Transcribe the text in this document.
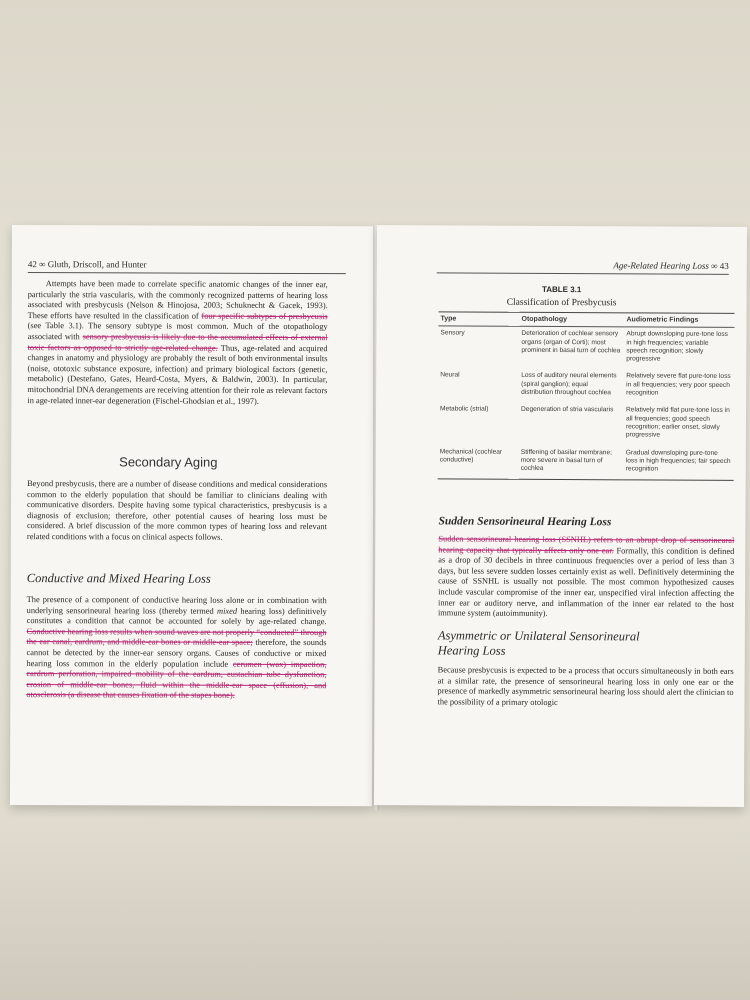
42 ∞ Gluth, Driscoll, and Hunter
Attempts have been made to correlate specific anatomic changes of the inner ear, particularly the stria vascularis, with the commonly recognized patterns of hearing loss associated with presbycusis (Nelson & Hinojosa, 2003; Schuknecht & Gacek, 1993). These efforts have resulted in the classification of four specific subtypes of presbycusis (see Table 3.1). The sensory subtype is most common. Much of the otopathology associated with sensory presbycusis is likely due to the accumulated effects of external toxic factors as opposed to strictly age-related change. Thus, age-related and acquired changes in anatomy and physiology are probably the result of both environmental insults (noise, ototoxic substance exposure, infection) and primary biological factors (genetic, metabolic) (Destefano, Gates, Heard-Costa, Myers, & Baldwin, 2003). In particular, mitochondrial DNA derangements are receiving attention for their role as relevant factors in age-related inner-ear degeneration (Fischel-Ghodsian et al., 1997).
Secondary Aging
Beyond presbycusis, there are a number of disease conditions and medical considerations common to the elderly population that should be familiar to clinicians dealing with communicative disorders. Despite having some typical characteristics, presbycusis is a diagnosis of exclusion; therefore, other potential causes of hearing loss must be considered. A brief discussion of the more common types of hearing loss and relevant related conditions with a focus on clinical aspects follows.
Conductive and Mixed Hearing Loss
The presence of a component of conductive hearing loss alone or in combination with underlying sensorineural hearing loss (thereby termed mixed hearing loss) definitively constitutes a condition that cannot be accounted for solely by age-related change. Conductive hearing loss results when sound waves are not properly “conducted” through the ear canal, eardrum, and middle-ear bones or middle-ear space; therefore, the sounds cannot be detected by the inner-ear sensory organs. Causes of conductive or mixed hearing loss common in the elderly population include cerumen (wax) impaction, eardrum perforation, impaired mobility of the eardrum, eustachian tube dysfunction, erosion of middle-ear bones, fluid within the middle-ear space (effusion), and otosclerosis (a disease that causes fixation of the stapes bone).
Age-Related Hearing Loss ∞ 43
TABLE 3.1
Classification of Presbycusis
Type	Otopathology	Audiometric Findings
Sensory	Deterioration of cochlear sensory organs (organ of Corti); most prominent in basal turn of cochlea	Abrupt downsloping pure-tone loss in high frequencies; variable speech recognition; slowly progressive
Neural	Loss of auditory neural elements (spiral ganglion); equal distribution throughout cochlea	Relatively severe flat pure-tone loss in all frequencies; very poor speech recognition
Metabolic (strial)	Degeneration of stria vascularis	Relatively mild flat pure-tone loss in all frequencies; good speech recognition; earlier onset, slowly progressive
Mechanical (cochlear conductive)	Stiffening of basilar membrane; more severe in basal turn of cochlea	Gradual downsloping pure-tone loss in high frequencies; fair speech recognition
Sudden Sensorineural Hearing Loss
Sudden sensorineural hearing loss (SSNHL) refers to an abrupt drop of sensorineural hearing capacity that typically affects only one ear. Formally, this condition is defined as a drop of 30 decibels in three continuous frequencies over a period of less than 3 days, but less severe sudden losses certainly exist as well. Definitively determining the cause of SSNHL is usually not possible. The most common hypothesized causes include vascular compromise of the inner ear, unspecified viral infection affecting the inner ear or auditory nerve, and inflammation of the inner ear related to the host immune system (autoimmunity).
Asymmetric or Unilateral Sensorineural Hearing Loss
Because presbycusis is expected to be a process that occurs simultaneously in both ears at a similar rate, the presence of sensorineural hearing loss in only one ear or the presence of markedly asymmetric sensorineural hearing loss should alert the clinician to the possibility of a primary otologic
